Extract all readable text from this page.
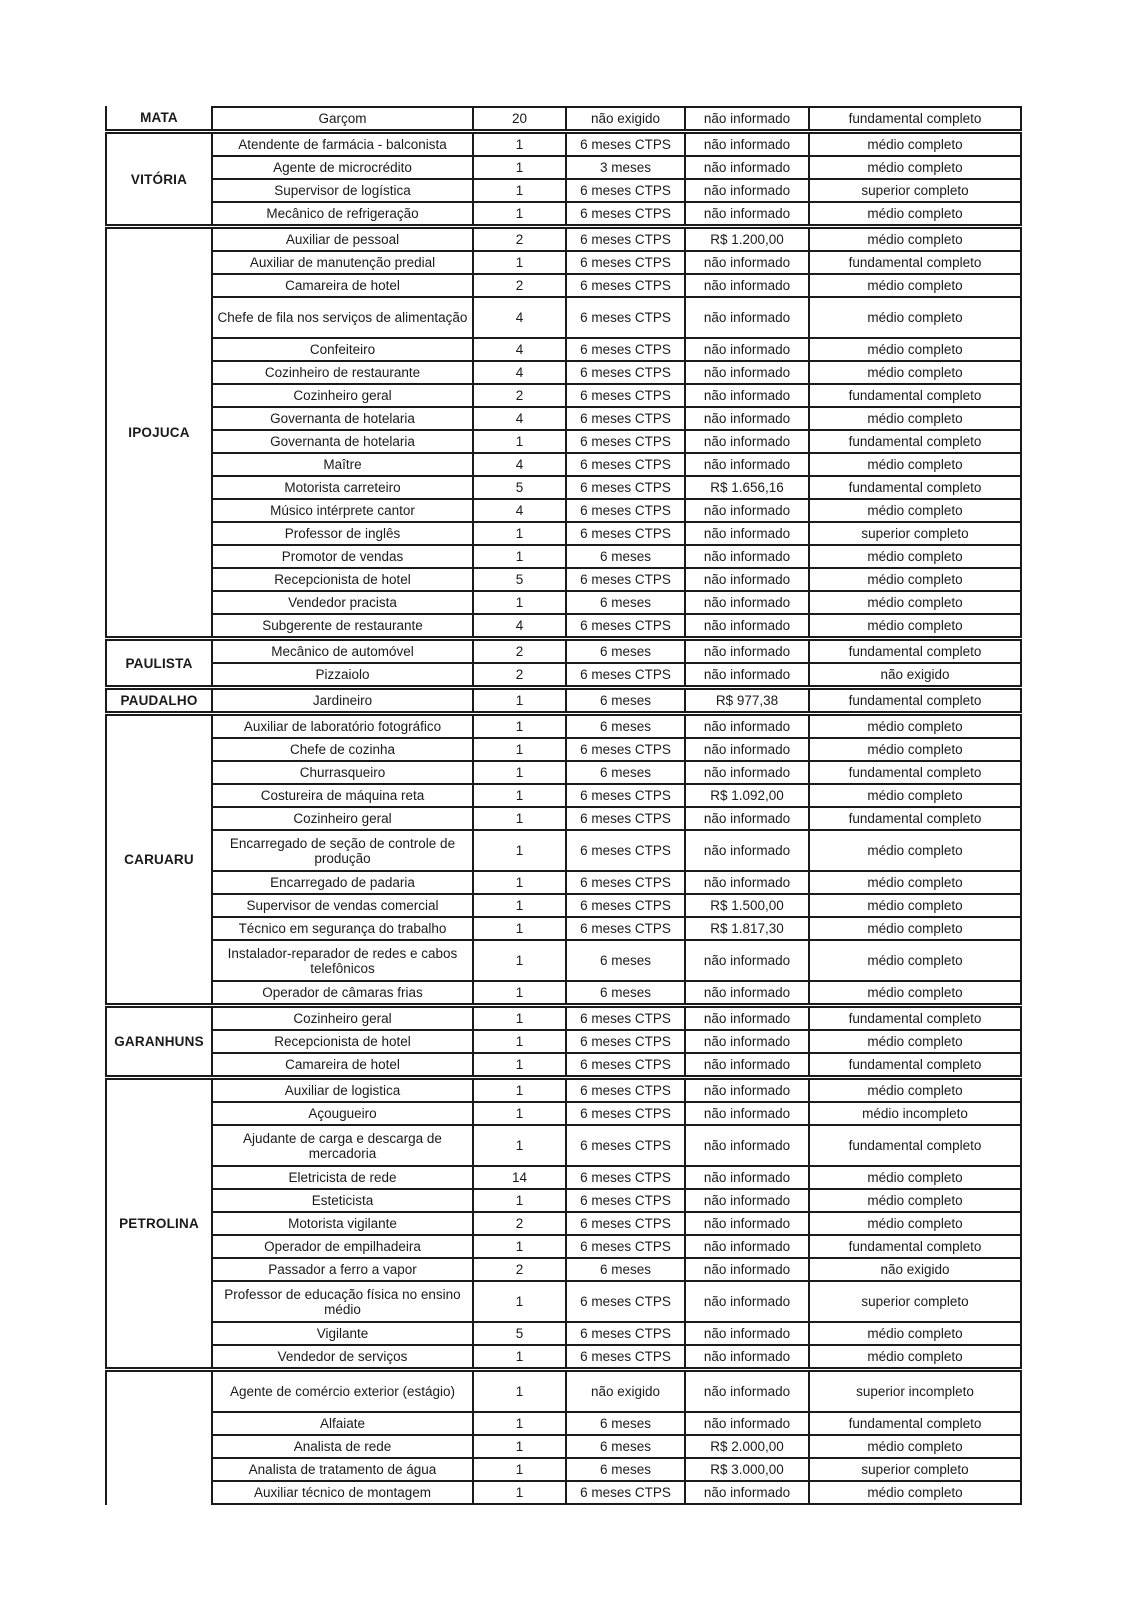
MATA	Garçom	20	não exigido	não informado	fundamental completo
VITÓRIA
Atendente de farmácia - balconista	1	6 meses CTPS	não informado	médio completo
Agente de microcrédito	1	3 meses	não informado	médio completo
Supervisor de logística	1	6 meses CTPS	não informado	superior completo
Mecânico de refrigeração	1	6 meses CTPS	não informado	médio completo
IPOJUCA
Auxiliar de pessoal	2	6 meses CTPS	R$ 1.200,00	médio completo
Auxiliar de manutenção predial	1	6 meses CTPS	não informado	fundamental completo
Camareira de hotel	2	6 meses CTPS	não informado	médio completo
Chefe de fila nos serviços de alimentação	4	6 meses CTPS	não informado	médio completo
Confeiteiro	4	6 meses CTPS	não informado	médio completo
Cozinheiro de restaurante	4	6 meses CTPS	não informado	médio completo
Cozinheiro geral	2	6 meses CTPS	não informado	fundamental completo
Governanta de hotelaria	4	6 meses CTPS	não informado	médio completo
Governanta de hotelaria	1	6 meses CTPS	não informado	fundamental completo
Maître	4	6 meses CTPS	não informado	médio completo
Motorista carreteiro	5	6 meses CTPS	R$ 1.656,16	fundamental completo
Músico intérprete cantor	4	6 meses CTPS	não informado	médio completo
Professor de inglês	1	6 meses CTPS	não informado	superior completo
Promotor de vendas	1	6 meses	não informado	médio completo
Recepcionista de hotel	5	6 meses CTPS	não informado	médio completo
Vendedor pracista	1	6 meses	não informado	médio completo
Subgerente de restaurante	4	6 meses CTPS	não informado	médio completo
PAULISTA
Mecânico de automóvel	2	6 meses	não informado	fundamental completo
Pizzaiolo	2	6 meses CTPS	não informado	não exigido
PAUDALHO	Jardineiro	1	6 meses	R$ 977,38	fundamental completo
CARUARU
Auxiliar de laboratório fotográfico	1	6 meses	não informado	médio completo
Chefe de cozinha	1	6 meses CTPS	não informado	médio completo
Churrasqueiro	1	6 meses	não informado	fundamental completo
Costureira de máquina reta	1	6 meses CTPS	R$ 1.092,00	médio completo
Cozinheiro geral	1	6 meses CTPS	não informado	fundamental completo
Encarregado de seção de controle de produção	1	6 meses CTPS	não informado	médio completo
Encarregado de padaria	1	6 meses CTPS	não informado	médio completo
Supervisor de vendas comercial	1	6 meses CTPS	R$ 1.500,00	médio completo
Técnico em segurança do trabalho	1	6 meses CTPS	R$ 1.817,30	médio completo
Instalador-reparador de redes e cabos telefônicos	1	6 meses	não informado	médio completo
Operador de câmaras frias	1	6 meses	não informado	médio completo
GARANHUNS
Cozinheiro geral	1	6 meses CTPS	não informado	fundamental completo
Recepcionista de hotel	1	6 meses CTPS	não informado	médio completo
Camareira de hotel	1	6 meses CTPS	não informado	fundamental completo
PETROLINA
Auxiliar de logistica	1	6 meses CTPS	não informado	médio completo
Açougueiro	1	6 meses CTPS	não informado	médio incompleto
Ajudante de carga e descarga de mercadoria	1	6 meses CTPS	não informado	fundamental completo
Eletricista de rede	14	6 meses CTPS	não informado	médio completo
Esteticista	1	6 meses CTPS	não informado	médio completo
Motorista vigilante	2	6 meses CTPS	não informado	médio completo
Operador de empilhadeira	1	6 meses CTPS	não informado	fundamental completo
Passador a ferro a vapor	2	6 meses	não informado	não exigido
Professor de educação física no ensino médio	1	6 meses CTPS	não informado	superior completo
Vigilante	5	6 meses CTPS	não informado	médio completo
Vendedor de serviços	1	6 meses CTPS	não informado	médio completo
Agente de comércio exterior (estágio)	1	não exigido	não informado	superior incompleto
Alfaiate	1	6 meses	não informado	fundamental completo
Analista de rede	1	6 meses	R$ 2.000,00	médio completo
Analista de tratamento de água	1	6 meses	R$ 3.000,00	superior completo
Auxiliar técnico de montagem	1	6 meses CTPS	não informado	médio completo
